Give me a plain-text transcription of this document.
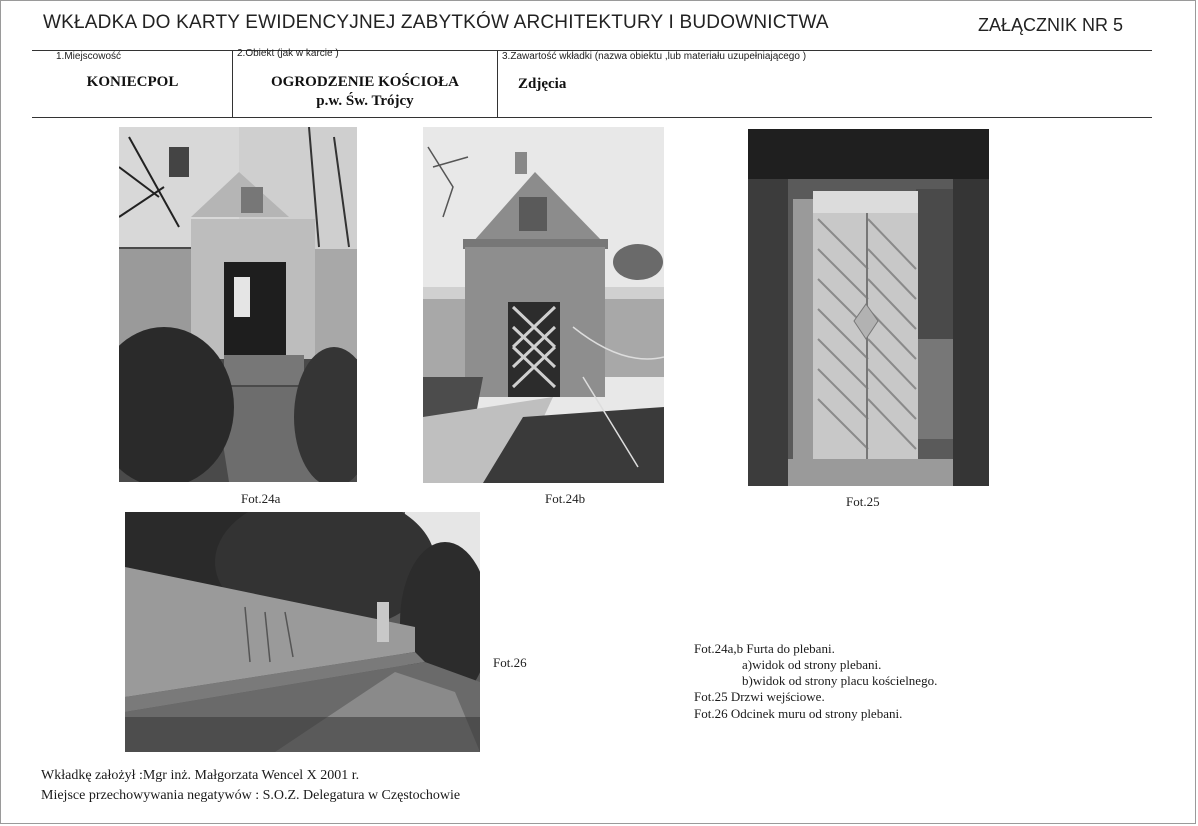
WKŁADKA DO KARTY EWIDENCYJNEJ ZABYTKÓW ARCHITEKTURY I BUDOWNICTWA	ZAŁĄCZNIK NR 5
1.Miejscowość
KONIECPOL
2.Obiekt (jak w karcie )
OGRODZENIE KOŚCIOŁA
p.w. Św. Trójcy
3.Zawartość wkładki (nazwa obiektu ,lub materiału uzupełniającego )
Zdjęcia
Fot.24a	Fot.24b	Fot.25
Fot.26
Fot.24a,b Furta do plebani.
a)widok od strony plebani.
b)widok od strony placu kościelnego.
Fot.25 Drzwi wejściowe.
Fot.26 Odcinek muru od strony plebani.
Wkładkę założył :Mgr inż. Małgorzata Wencel X 2001 r.
Miejsce przechowywania negatywów : S.O.Z. Delegatura w Częstochowie
